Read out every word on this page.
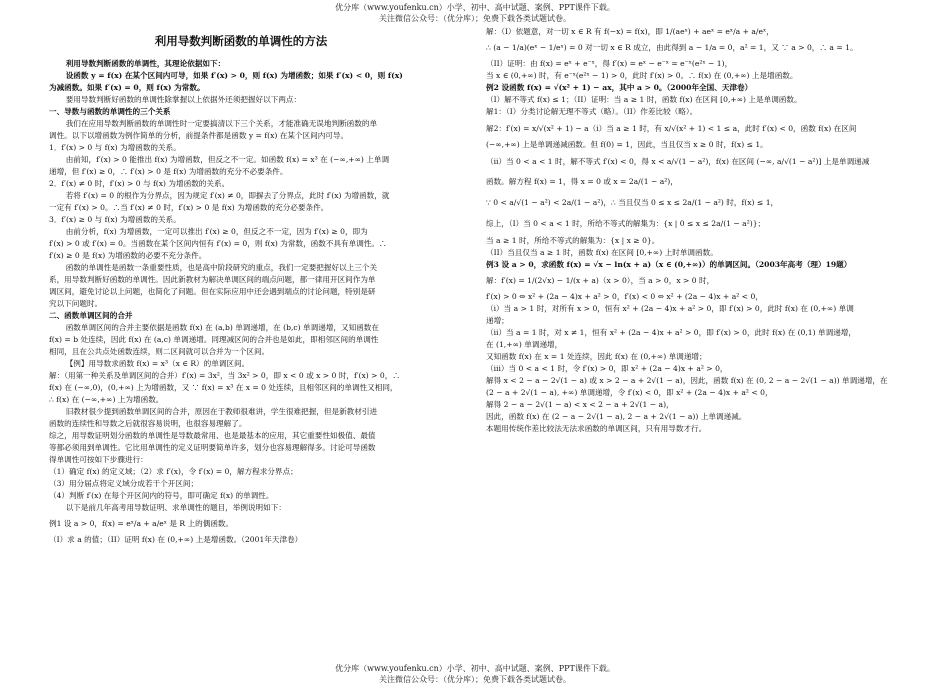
优分库（www.youfenku.cn）小学、初中、高中试题、案例、PPT课件下载。
关注微信公众号：（优分库）；免费下载各类试题试卷。
利用导数判断函数的单调性的方法

利用导数判断函数的单调性，其理论依据如下：

设函数 y = f(x) 在某个区间内可导，如果 f′(x) > 0，则 f(x) 为增函数；如果 f′(x) < 0，则 f(x)

为减函数。如果 f′(x) = 0，则 f(x) 为常数。

要用导数判断好函数的单调性除掌握以上依据外还须把握好以下两点：

一、导数与函数的单调性的三个关系

我们在应用导数判断函数的单调性时一定要搞清以下三个关系，才能准确无误地判断函数的单

调性。以下以增函数为例作简单的分析，前提条件都是函数 y = f(x) 在某个区间内可导。

1．f′(x) > 0 与 f(x) 为增函数的关系。

由前知，f′(x) > 0 能推出 f(x) 为增函数，但反之不一定。如函数 f(x) = x³ 在 (−∞,+∞) 上单调

递增，但 f′(x) ≥ 0，∴ f′(x) > 0 是 f(x) 为增函数的充分不必要条件。

2．f′(x) ≠ 0 时，f′(x) > 0 与 f(x) 为增函数的关系。

若将 f′(x) = 0 的根作为分界点，因为规定 f′(x) ≠ 0，即摒去了分界点，此时 f′(x) 为增函数，就

一定有 f′(x) > 0。∴当 f′(x) ≠ 0 时，f′(x) > 0 是 f(x) 为增函数的充分必要条件。

3．f′(x) ≥ 0 与 f(x) 为增函数的关系。

由前分析，f(x) 为增函数，一定可以推出 f′(x) ≥ 0，但反之不一定，因为 f′(x) ≥ 0，即为

f′(x) > 0 或 f′(x) = 0。当函数在某个区间内恒有 f′(x) = 0，则 f(x) 为常数，函数不具有单调性。∴

f′(x) ≥ 0 是 f(x) 为增函数的必要不充分条件。

函数的单调性是函数一条重要性质，也是高中阶段研究的重点，我们一定要把握好以上三个关

系，用导数判断好函数的单调性。因此新教材为解决单调区间的端点问题，都一律用开区间作为单

调区间，避免讨论以上问题，也简化了问题。但在实际应用中还会遇到端点的讨论问题，特别是研

究以下问题时。

二、函数单调区间的合并

函数单调区间的合并主要依据是函数 f(x) 在 (a,b) 单调递增，在 (b,c) 单调递增，又知函数在

f(x) = b 处连续，因此 f(x) 在 (a,c) 单调递增。同理减区间的合并也是如此，即相邻区间的单调性

相同，且在公共点处函数连续，则二区间就可以合并为一个区间。

【例】用导数求函数 f(x) = x³（x ∈ R）的单调区间。

解：（用第一种关系及单调区间的合并）f′(x) = 3x²，当 3x² > 0，即 x < 0 或 x > 0 时，f′(x) > 0，∴

f(x) 在 (−∞,0)，(0,+∞) 上为增函数，又 ∵ f(x) = x³ 在 x = 0 处连续，且相邻区间的单调性又相同，

∴ f(x) 在 (−∞,+∞) 上为增函数。

旧教材很少提到函数单调区间的合并，原因在于教师很难讲，学生很难把握，但是新教材引进

函数的连续性和导数之后就很容易说明，也很容易理解了。

综之，用导数证明划分函数的单调性是导数最常用、也是最基本的应用，其它重要性如极值、最值

等都必须用到单调性。它比用单调性的定义证明要简单许多，划分也容易理解得多。讨论可导函数

得单调性可按如下步骤进行：

（1）确定 f(x) 的定义域；（2）求 f′(x)，令 f′(x) = 0，解方程求分界点；

（3）用分届点将定义域分成若干个开区间；

（4）判断 f′(x) 在每个开区间内的符号，即可确定 f(x) 的单调性。

以下是前几年高考用导数证明、求单调性的题目，举例说明如下：

例1 设 a > 0，f(x) = eˣ/a + a/eˣ 是 R 上的偶函数。

（I）求 a 的值；（II）证明 f(x) 在 (0,+∞) 上是增函数。（2001年天津卷）

解：（I）依题意，对一切 x ∈ R 有 f(−x) = f(x)，即 1/(aeˣ) + aeˣ = eˣ/a + a/eˣ，

∴ (a − 1/a)(eˣ − 1/eˣ) = 0 对一切 x ∈ R 成立，由此得到 a − 1/a = 0，a² = 1，又 ∵ a > 0，∴ a = 1。

（II）证明：由 f(x) = eˣ + e⁻ˣ，得 f′(x) = eˣ − e⁻ˣ = e⁻ˣ(e²ˣ − 1)，

当 x ∈ (0,+∞) 时，有 e⁻ˣ(e²ˣ − 1) > 0，此时 f′(x) > 0。∴ f(x) 在 (0,+∞) 上是增函数。

例2 设函数 f(x) = √(x² + 1) − ax，其中 a > 0。（2000年全国、天津卷）

（I）解不等式 f(x) ≤ 1；（II）证明：当 a ≥ 1 时，函数 f(x) 在区间 [0,+∞) 上是单调函数。

解1：（I）分类讨论解无理不等式（略）。（II）作差比较（略）。

解2：f′(x) = x/√(x² + 1) − a（i）当 a ≥ 1 时，有 x/√(x² + 1) < 1 ≤ a，此时 f′(x) < 0，函数 f(x) 在区间

(−∞,+∞) 上是单调递减函数。但 f(0) = 1，因此，当且仅当 x ≥ 0 时，f(x) ≤ 1。

（ii）当 0 < a < 1 时，解不等式 f′(x) < 0，得 x < a/√(1 − a²)，f(x) 在区间 (−∞, a/√(1 − a²)] 上是单调递减

函数。解方程 f(x) = 1，得 x = 0 或 x = 2a/(1 − a²)，

∵ 0 < a/√(1 − a²) < 2a/(1 − a²)，∴ 当且仅当 0 ≤ x ≤ 2a/(1 − a²) 时，f(x) ≤ 1，

综上，（I）当 0 < a < 1 时，所给不等式的解集为：{x | 0 ≤ x ≤ 2a/(1 − a²)}；

当 a ≥ 1 时，所给不等式的解集为：{x | x ≥ 0}。

（II）当且仅当 a ≥ 1 时，函数 f(x) 在区间 [0,+∞) 上时单调函数。

例3 设 a > 0，求函数 f(x) = √x − ln(x + a)（x ∈ (0,+∞)）的单调区间。（2003年高考（理）19题）

解：f′(x) = 1/(2√x) − 1/(x + a)（x > 0），当 a > 0，x > 0 时，

f′(x) > 0 ⇔ x² + (2a − 4)x + a² > 0，f′(x) < 0 ⇔ x² + (2a − 4)x + a² < 0，

（i）当 a > 1 时，对所有 x > 0，恒有 x² + (2a − 4)x + a² > 0，即 f′(x) > 0，此时 f(x) 在 (0,+∞) 单调

递增；

（ii）当 a = 1 时，对 x ≠ 1，恒有 x² + (2a − 4)x + a² > 0，即 f′(x) > 0，此时 f(x) 在 (0,1) 单调递增，

在 (1,+∞) 单调递增，

又知函数 f(x) 在 x = 1 处连续，因此 f(x) 在 (0,+∞) 单调递增；

（iii）当 0 < a < 1 时，令 f′(x) > 0，即 x² + (2a − 4)x + a² > 0，

解得 x < 2 − a − 2√(1 − a) 或 x > 2 − a + 2√(1 − a)，因此，函数 f(x) 在 (0, 2 − a − 2√(1 − a)) 单调递增，在

(2 − a + 2√(1 − a), +∞) 单调递增，令 f′(x) < 0，即 x² + (2a − 4)x + a² < 0，

解得 2 − a − 2√(1 − a) < x < 2 − a + 2√(1 − a)，

因此，函数 f(x) 在 (2 − a − 2√(1 − a), 2 − a + 2√(1 − a)) 上单调递减。

本题用传统作差比较法无法求函数的单调区间，只有用导数才行。

优分库（www.youfenku.cn）小学、初中、高中试题、案例、PPT课件下载。
关注微信公众号：（优分库）；免费下载各类试题试卷。
